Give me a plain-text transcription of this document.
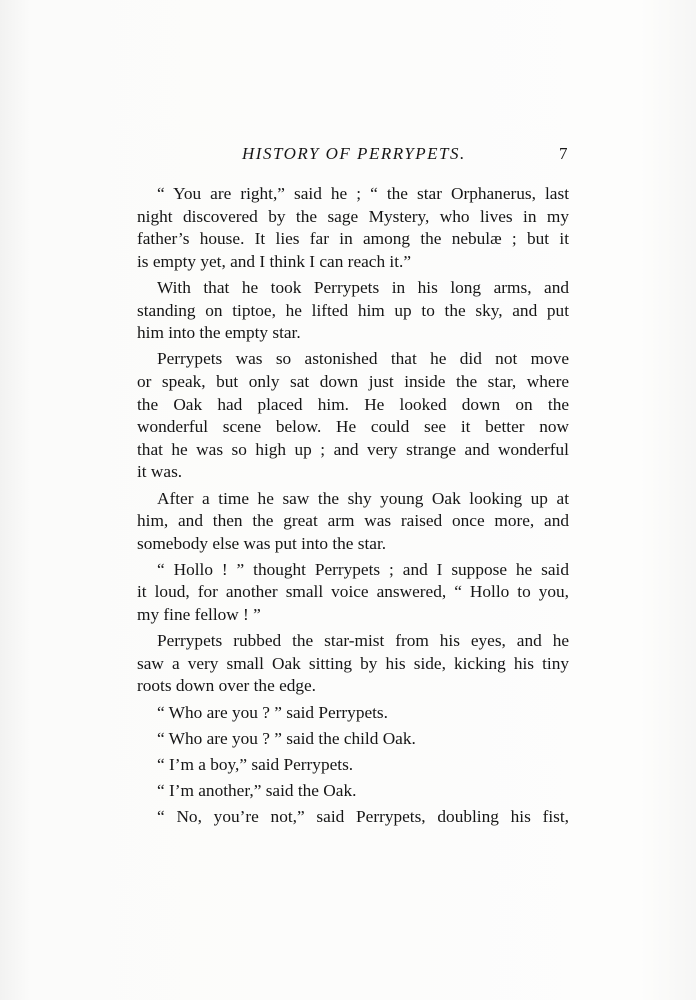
HISTORY OF PERRYPETS.	7
“ You are right,” said he ; “ the star Orphanerus, last
night discovered by the sage Mystery, who lives in my
father’s house. It lies far in among the nebulæ ; but it
is empty yet, and I think I can reach it.”
With that he took Perrypets in his long arms, and
standing on tiptoe, he lifted him up to the sky, and put
him into the empty star.
Perrypets was so astonished that he did not move
or speak, but only sat down just inside the star, where
the Oak had placed him. He looked down on the
wonderful scene below. He could see it better now
that he was so high up ; and very strange and wonderful
it was.
After a time he saw the shy young Oak looking up at
him, and then the great arm was raised once more, and
somebody else was put into the star.
“ Hollo ! ” thought Perrypets ; and I suppose he said
it loud, for another small voice answered, “ Hollo to you,
my fine fellow ! ”
Perrypets rubbed the star-mist from his eyes, and he
saw a very small Oak sitting by his side, kicking his tiny
roots down over the edge.
“ Who are you ? ” said Perrypets.
“ Who are you ? ” said the child Oak.
“ I’m a boy,” said Perrypets.
“ I’m another,” said the Oak.
“ No, you’re not,” said Perrypets, doubling his fist,
